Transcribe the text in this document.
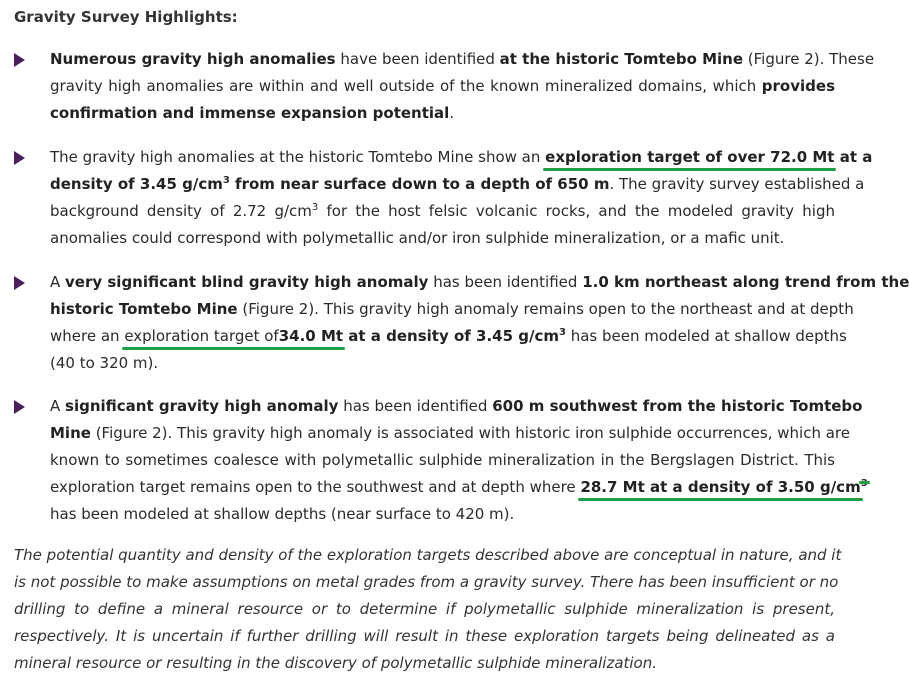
Gravity Survey Highlights:
Numerous gravity high anomalies have been identified at the historic Tomtebo Mine (Figure 2). These
gravity high anomalies are within and well outside of the known mineralized domains, which provides
confirmation and immense expansion potential.
The gravity high anomalies at the historic Tomtebo Mine show an exploration target of over 72.0 Mt at a
density of 3.45 $g/cm^3$ from near surface down to a depth of 650 m. The gravity survey established a
background density of 2.72 $g/cm^3$ for the host felsic volcanic rocks, and the modeled gravity high
anomalies could correspond with polymetallic and/or iron sulphide mineralization, or a mafic unit.
A very significant blind gravity high anomaly has been identified 1.0 km northeast along trend from the
historic Tomtebo Mine (Figure 2). This gravity high anomaly remains open to the northeast and at depth
where an exploration target of34.0 Mt at a density of 3.45 $g/cm^3$ has been modeled at shallow depths
(40 to 320 m).
A significant gravity high anomaly has been identified 600 m southwest from the historic Tomtebo
Mine (Figure 2). This gravity high anomaly is associated with historic iron sulphide occurrences, which are
known to sometimes coalesce with polymetallic sulphide mineralization in the Bergslagen District. This
exploration target remains open to the southwest and at depth where 28.7 Mt at a density of 3.50 $g/cm^3$
has been modeled at shallow depths (near surface to 420 m).
The potential quantity and density of the exploration targets described above are conceptual in nature, and it
is not possible to make assumptions on metal grades from a gravity survey. There has been insufficient or no
drilling to define a mineral resource or to determine if polymetallic sulphide mineralization is present,
respectively. It is uncertain if further drilling will result in these exploration targets being delineated as a
mineral resource or resulting in the discovery of polymetallic sulphide mineralization.
